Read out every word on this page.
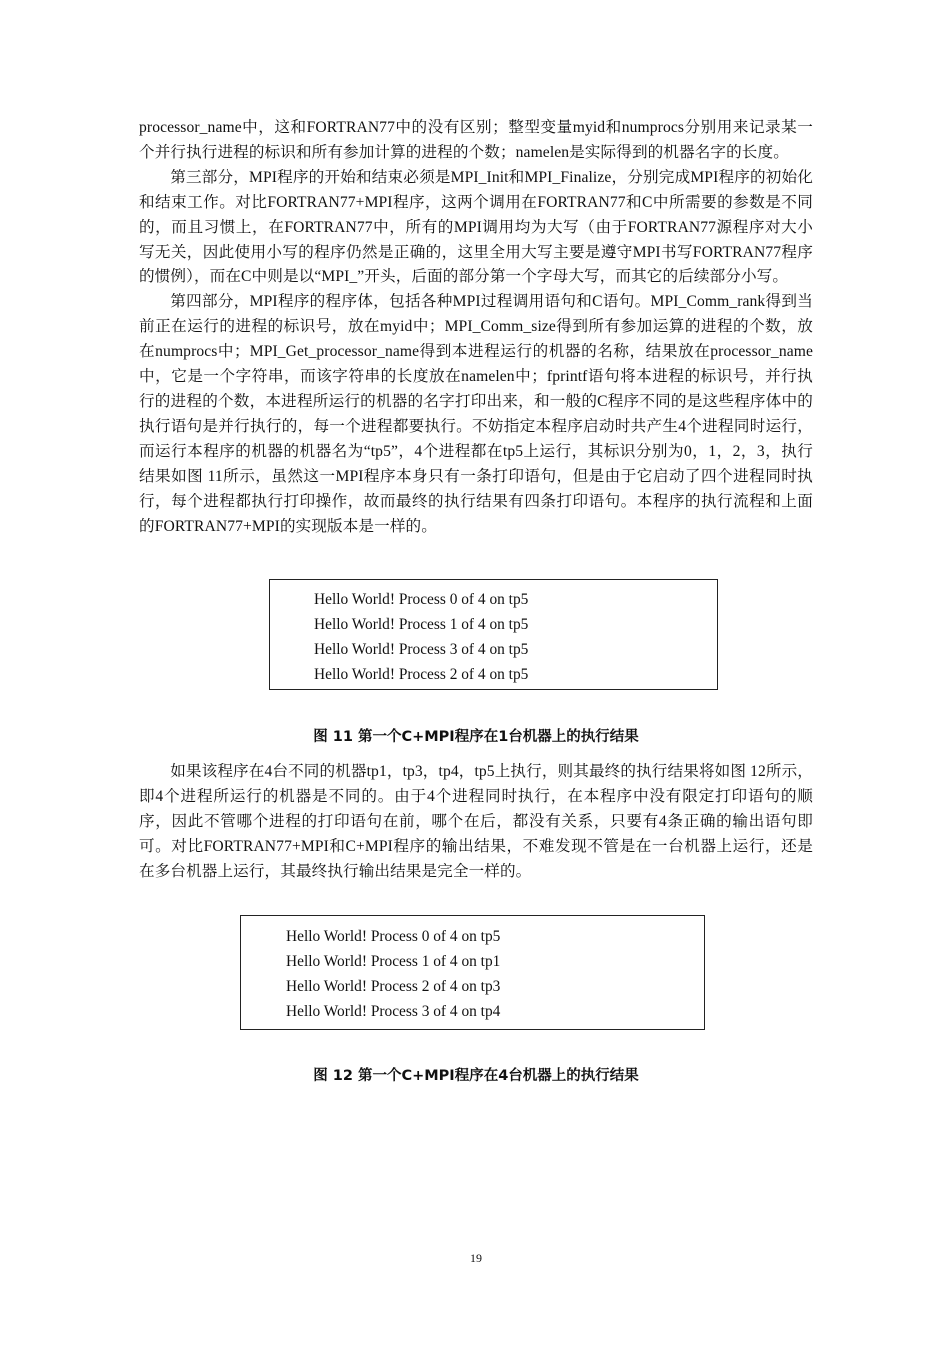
processor_name中，这和FORTRAN77中的没有区别；整型变量myid和numprocs分别用来记录某一个并行执行进程的标识和所有参加计算的进程的个数；namelen是实际得到的机器名字的长度。

第三部分，MPI程序的开始和结束必须是MPI_Init和MPI_Finalize，分别完成MPI程序的初始化和结束工作。对比FORTRAN77+MPI程序，这两个调用在FORTRAN77和C中所需要的参数是不同的，而且习惯上，在FORTRAN77中，所有的MPI调用均为大写（由于FORTRAN77源程序对大小写无关，因此使用小写的程序仍然是正确的，这里全用大写主要是遵守MPI书写FORTRAN77程序的惯例），而在C中则是以“MPI_”开头，后面的部分第一个字母大写，而其它的后续部分小写。

第四部分，MPI程序的程序体，包括各种MPI过程调用语句和C语句。MPI_Comm_rank得到当前正在运行的进程的标识号，放在myid中；MPI_Comm_size得到所有参加运算的进程的个数，放在numprocs中；MPI_Get_processor_name得到本进程运行的机器的名称，结果放在processor_name中，它是一个字符串，而该字符串的长度放在namelen中；fprintf语句将本进程的标识号，并行执行的进程的个数，本进程所运行的机器的名字打印出来，和一般的C程序不同的是这些程序体中的执行语句是并行执行的，每一个进程都要执行。不妨指定本程序启动时共产生4个进程同时运行，而运行本程序的机器的机器名为“tp5”，4个进程都在tp5上运行，其标识分别为0，1，2，3，执行结果如图 11所示，虽然这一MPI程序本身只有一条打印语句，但是由于它启动了四个进程同时执行，每个进程都执行打印操作，故而最终的执行结果有四条打印语句。本程序的执行流程和上面的FORTRAN77+MPI的实现版本是一样的。

Hello World! Process 0 of 4 on tp5
Hello World! Process 1 of 4 on tp5
Hello World! Process 3 of 4 on tp5
Hello World! Process 2 of 4 on tp5
图 11 第一个C+MPI程序在1台机器上的执行结果

如果该程序在4台不同的机器tp1，tp3，tp4，tp5上执行，则其最终的执行结果将如图 12所示，即4个进程所运行的机器是不同的。由于4个进程同时执行，在本程序中没有限定打印语句的顺序，因此不管哪个进程的打印语句在前，哪个在后，都没有关系，只要有4条正确的输出语句即可。对比FORTRAN77+MPI和C+MPI程序的输出结果，不难发现不管是在一台机器上运行，还是在多台机器上运行，其最终执行输出结果是完全一样的。

Hello World! Process 0 of 4 on tp5
Hello World! Process 1 of 4 on tp1
Hello World! Process 2 of 4 on tp3
Hello World! Process 3 of 4 on tp4
图 12 第一个C+MPI程序在4台机器上的执行结果
19
